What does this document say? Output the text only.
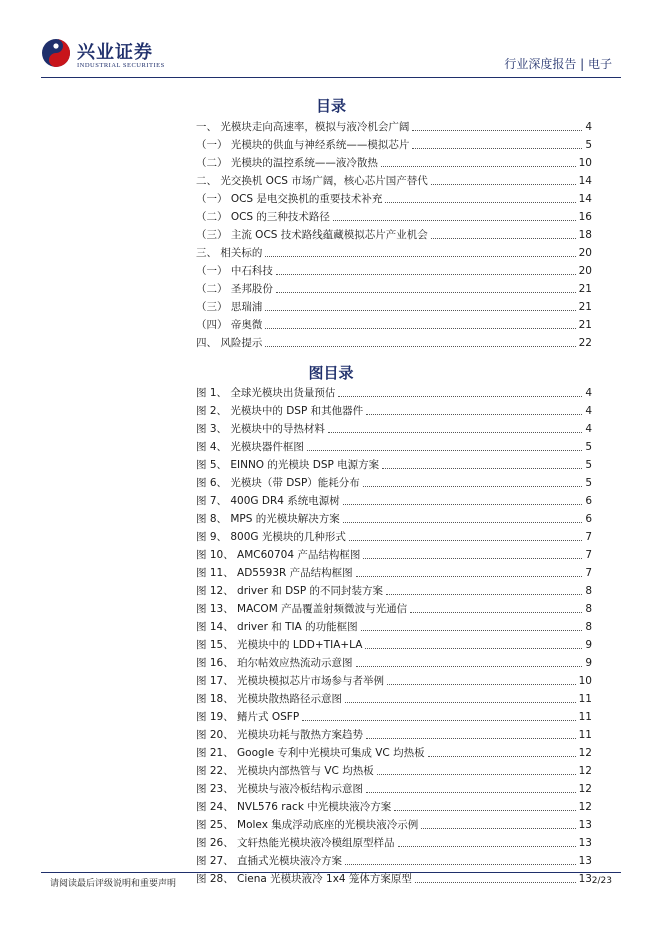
兴业证券
INDUSTRIAL SECURITIES	行业深度报告 | 电子
目录
一、 光模块走向高速率，模拟与液冷机会广阔	4
（一） 光模块的供血与神经系统——模拟芯片	5
（二） 光模块的温控系统——液冷散热	10
二、 光交换机 OCS 市场广阔，核心芯片国产替代	14
（一） OCS 是电交换机的重要技术补充	14
（二） OCS 的三种技术路径	16
（三） 主流 OCS 技术路线蕴藏模拟芯片产业机会	18
三、 相关标的	20
（一） 中石科技	20
（二） 圣邦股份	21
（三） 思瑞浦	21
（四） 帝奥微	21
四、 风险提示	22
图目录
图 1、 全球光模块出货量预估	4
图 2、 光模块中的 DSP 和其他器件	4
图 3、 光模块中的导热材料	4
图 4、 光模块器件框图	5
图 5、 EINNO 的光模块 DSP 电源方案	5
图 6、 光模块（带 DSP）能耗分布	5
图 7、 400G DR4 系统电源树	6
图 8、 MPS 的光模块解决方案	6
图 9、 800G 光模块的几种形式	7
图 10、 AMC60704 产品结构框图	7
图 11、 AD5593R 产品结构框图	7
图 12、 driver 和 DSP 的不同封装方案	8
图 13、 MACOM 产品覆盖射频微波与光通信	8
图 14、 driver 和 TIA 的功能框图	8
图 15、 光模块中的 LDD+TIA+LA	9
图 16、 珀尔帖效应热流动示意图	9
图 17、 光模块模拟芯片市场参与者举例	10
图 18、 光模块散热路径示意图	11
图 19、 鳍片式 OSFP	11
图 20、 光模块功耗与散热方案趋势	11
图 21、 Google 专利中光模块可集成 VC 均热板	12
图 22、 光模块内部热管与 VC 均热板	12
图 23、 光模块与液冷板结构示意图	12
图 24、 NVL576 rack 中光模块液冷方案	12
图 25、 Molex 集成浮动底座的光模块液冷示例	13
图 26、 文轩热能光模块液冷模组原型样品	13
图 27、 直插式光模块液冷方案	13
图 28、 Ciena 光模块液冷 1x4 笼体方案原型	13
请阅读最后评级说明和重要声明	2/23
